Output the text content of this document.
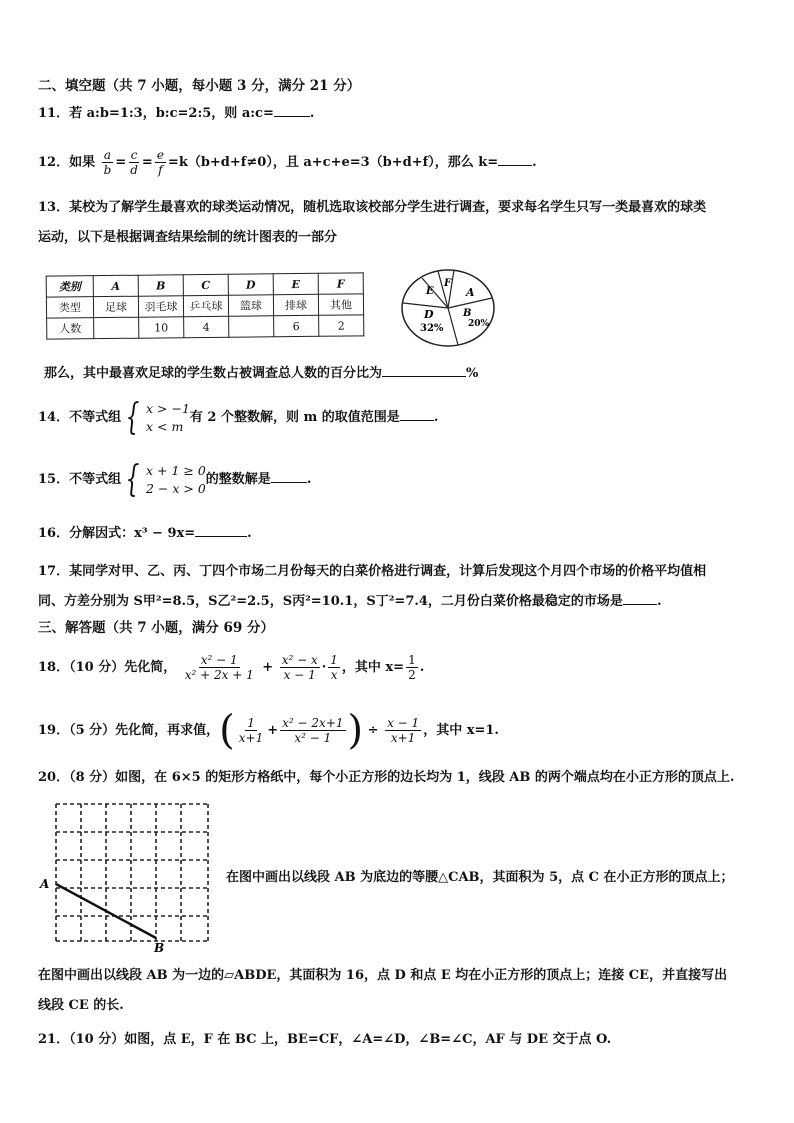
二、填空题（共 7 小题，每小题 3 分，满分 21 分）
11．若 a:b=1:3，b:c=2:5，则 a:c=	.
12．如果 $\frac{a}{b} = \frac{c}{d} = \frac{e}{f} =k(b+d+f\ne 0)$，且 a+c+e=3（b+d+f），那么 k=	.
13．某校为了解学生最喜欢的球类运动情况，随机选取该校部分学生进行调查，要求每名学生只写一类最喜欢的球类
运动，以下是根据调查结果绘制的统计图表的一部分
类别	A	B	C	D	E	F
类型	足球	羽毛球	乒乓球	篮球	排球	其他
人数		10	4		6	2
F
E	A
D
32%
B
20%
那么，其中最喜欢足球的学生数占被调查总人数的百分比为	%
14．不等式组 { x > −1
x < m
有 2 个整数解，则 m 的取值范围是	.
15．不等式组 { x + 1 ≥ 0
2 − x > 0
的整数解是	.
16．分解因式：x³ − 9x=	.
17．某同学对甲、乙、丙、丁四个市场二月份每天的白菜价格进行调查，计算后发现这个月四个市场的价格平均值相
同、方差分别为 S甲²=8.5，S乙²=2.5，S丙²=10.1，S丁²=7.4，二月份白菜价格最稳定的市场是	.
三、解答题（共 7 小题，满分 69 分）
18．（10 分）先化简， $\frac{\text{x² − 1}}{\text{x² + 2x + 1}} + \frac{\text{x² − x}}{x - 1} \cdot \frac{1}{x}$ ，其中 $x= \frac{1}{2}$ .
19．（5 分）先化简，再求值，( $\frac{1}{x+1} + \frac{\text{x² − 2x+1}}{\text{x² − 1}}$ ) ÷ $\frac{x - 1}{x+1}$ ，其中 x=1.
20．（8 分）如图，在 6×5 的矩形方格纸中，每个小正方形的边长均为 1，线段 AB 的两个端点均在小正方形的顶点上.
A
B
在图中画出以线段 AB 为底边的等腰△CAB，其面积为 5，点 C 在小正方形的顶点上；
在图中画出以线段 AB 为一边的▱ABDE，其面积为 16，点 D 和点 E 均在小正方形的顶点上；连接 CE，并直接写出
线段 CE 的长.
21．（10 分）如图，点 E，F 在 BC 上，BE=CF，∠A=∠D，∠B=∠C，AF 与 DE 交于点 O.
